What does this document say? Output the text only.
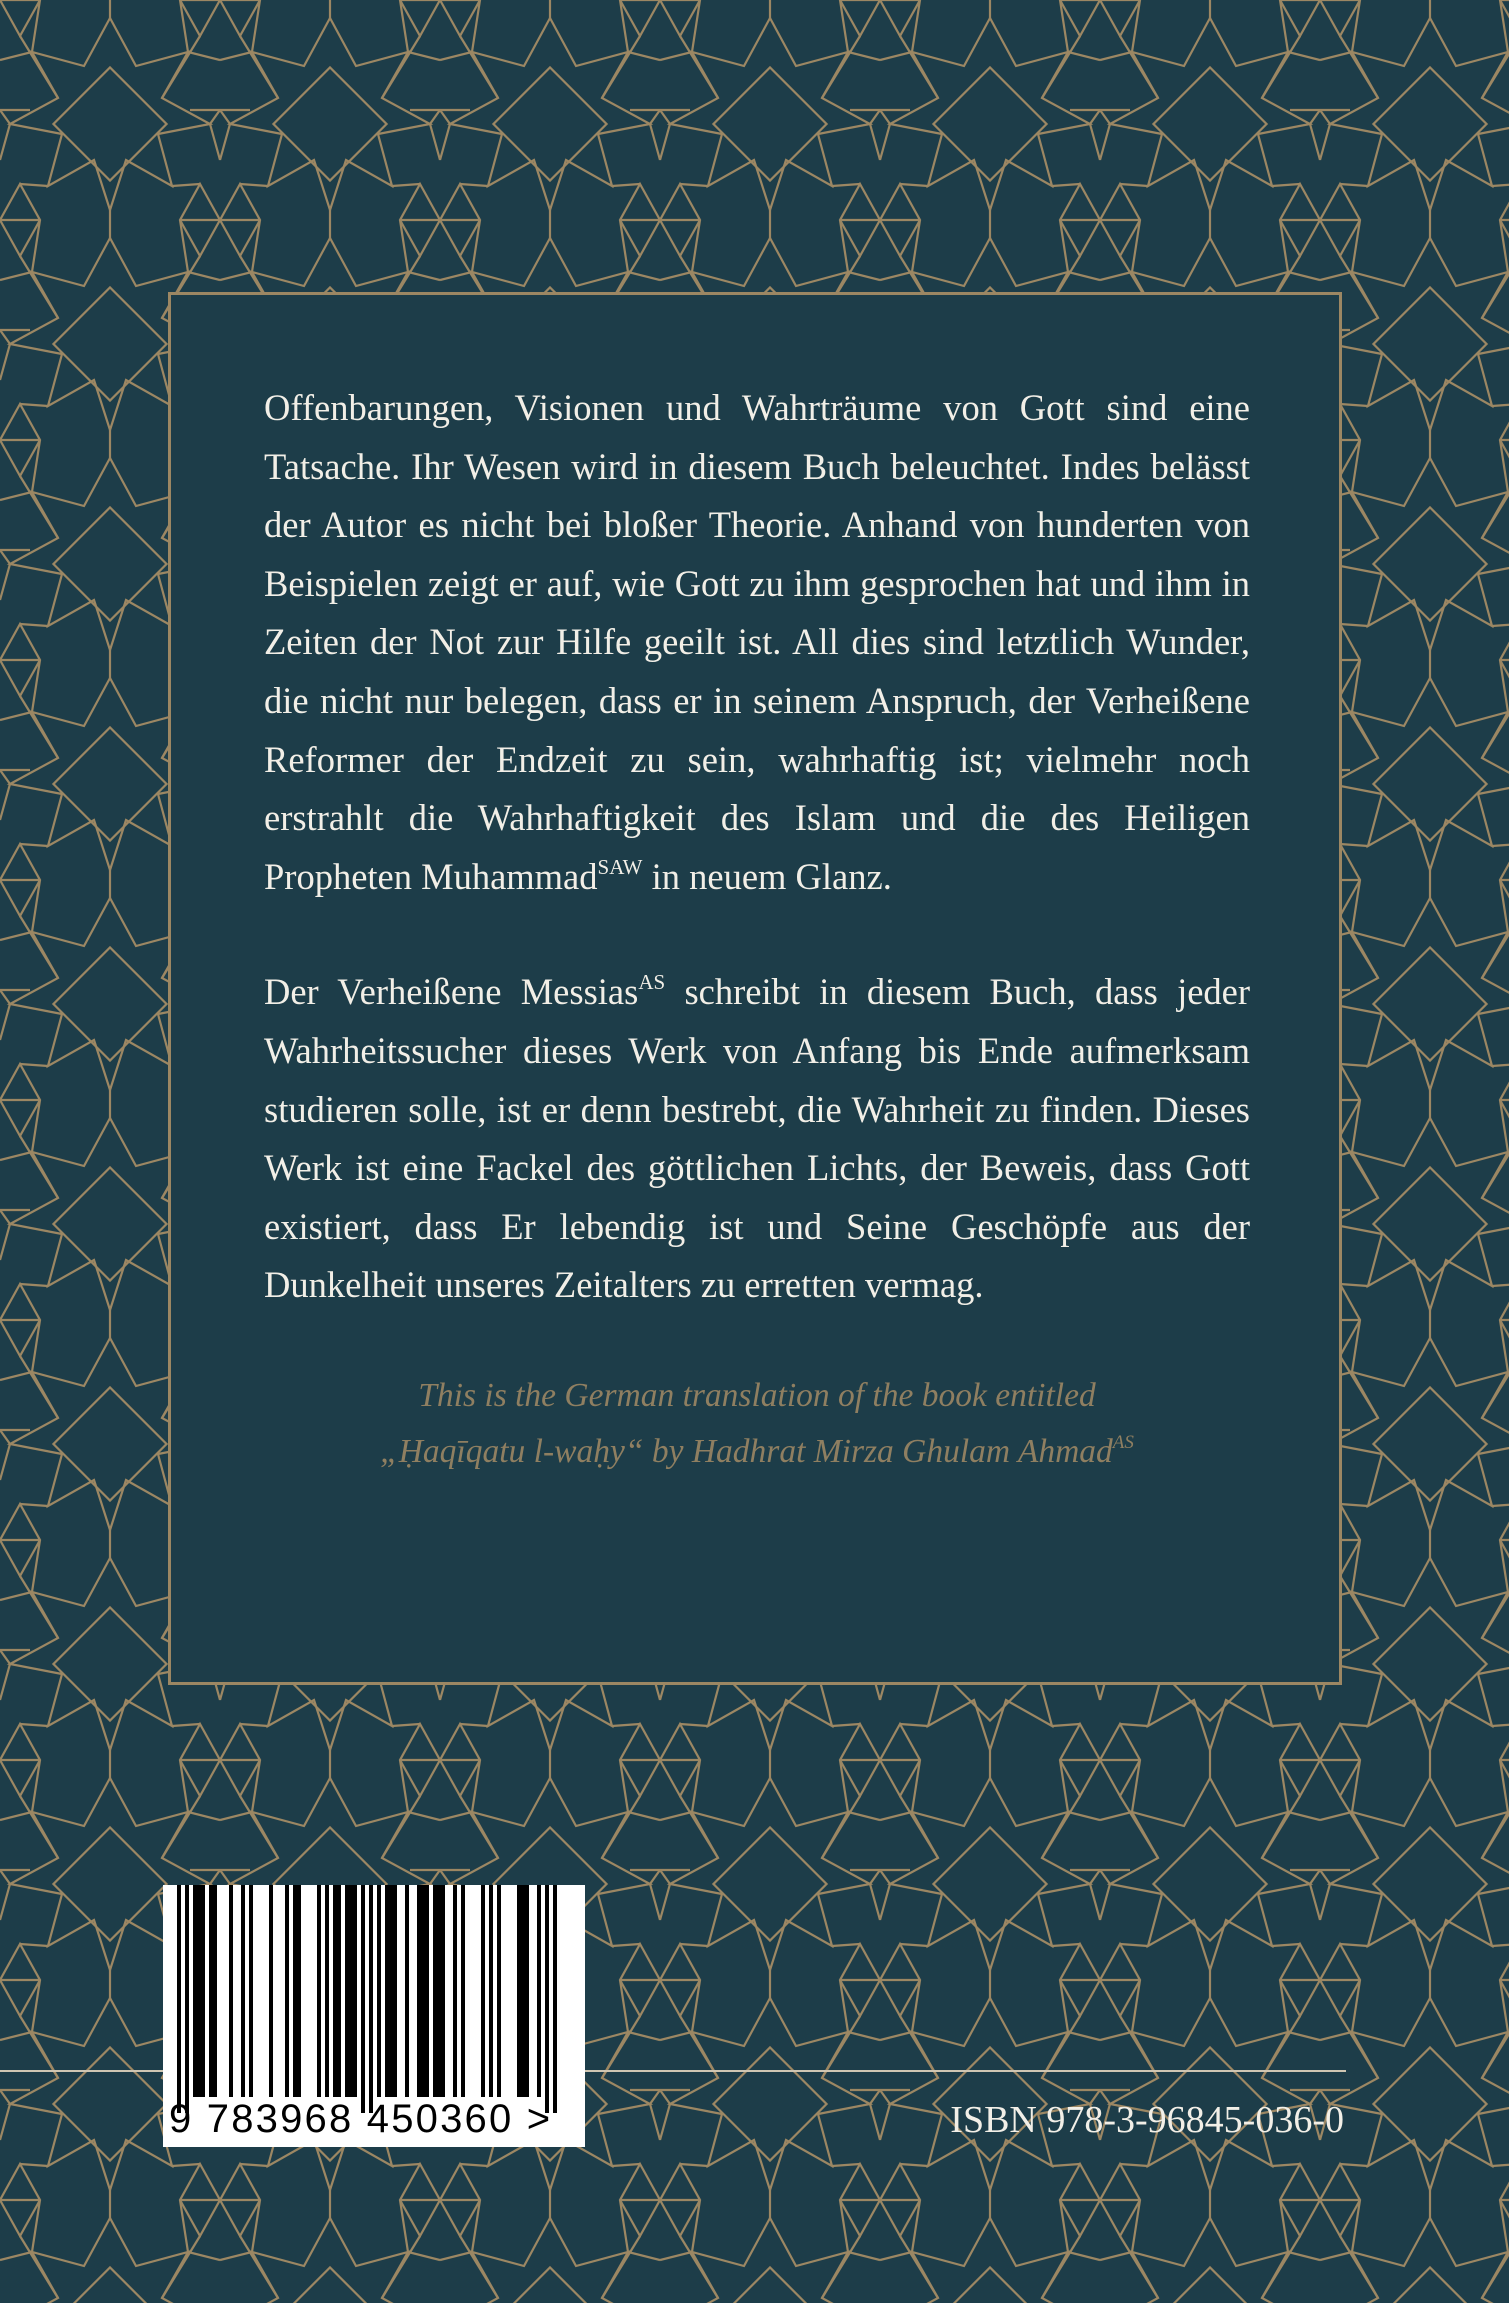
Offenbarungen, Visionen und Wahrträume von Gott sind eine Tatsache. Ihr Wesen wird in diesem Buch beleuchtet. Indes belässt der Autor es nicht bei bloßer Theorie. Anhand von hunderten von Beispielen zeigt er auf, wie Gott zu ihm gesprochen hat und ihm in Zeiten der Not zur Hilfe geeilt ist. All dies sind letztlich Wunder, die nicht nur belegen, dass er in seinem Anspruch, der Verheißene Reformer der Endzeit zu sein, wahrhaftig ist; vielmehr noch erstrahlt die Wahrhaftigkeit des Islam und die des Heiligen Propheten Muhammad$^{SAW}$ in neuem Glanz.

Der Verheißene Messias$^{AS}$ schreibt in diesem Buch, dass jeder Wahrheitssucher dieses Werk von Anfang bis Ende aufmerksam studieren solle, ist er denn bestrebt, die Wahrheit zu finden. Dieses Werk ist eine Fackel des göttlichen Lichts, der Beweis, dass Gott existiert, dass Er lebendig ist und Seine Geschöpfe aus der Dunkelheit unseres Zeitalters zu erretten vermag.

This is the German translation of the book entitled
„Ḥaqīqatu l-waḥy“ by Hadhrat Mirza Ghulam Ahmad$^{AS}$

9 783968 450360 >	ISBN 978-3-96845-036-0
